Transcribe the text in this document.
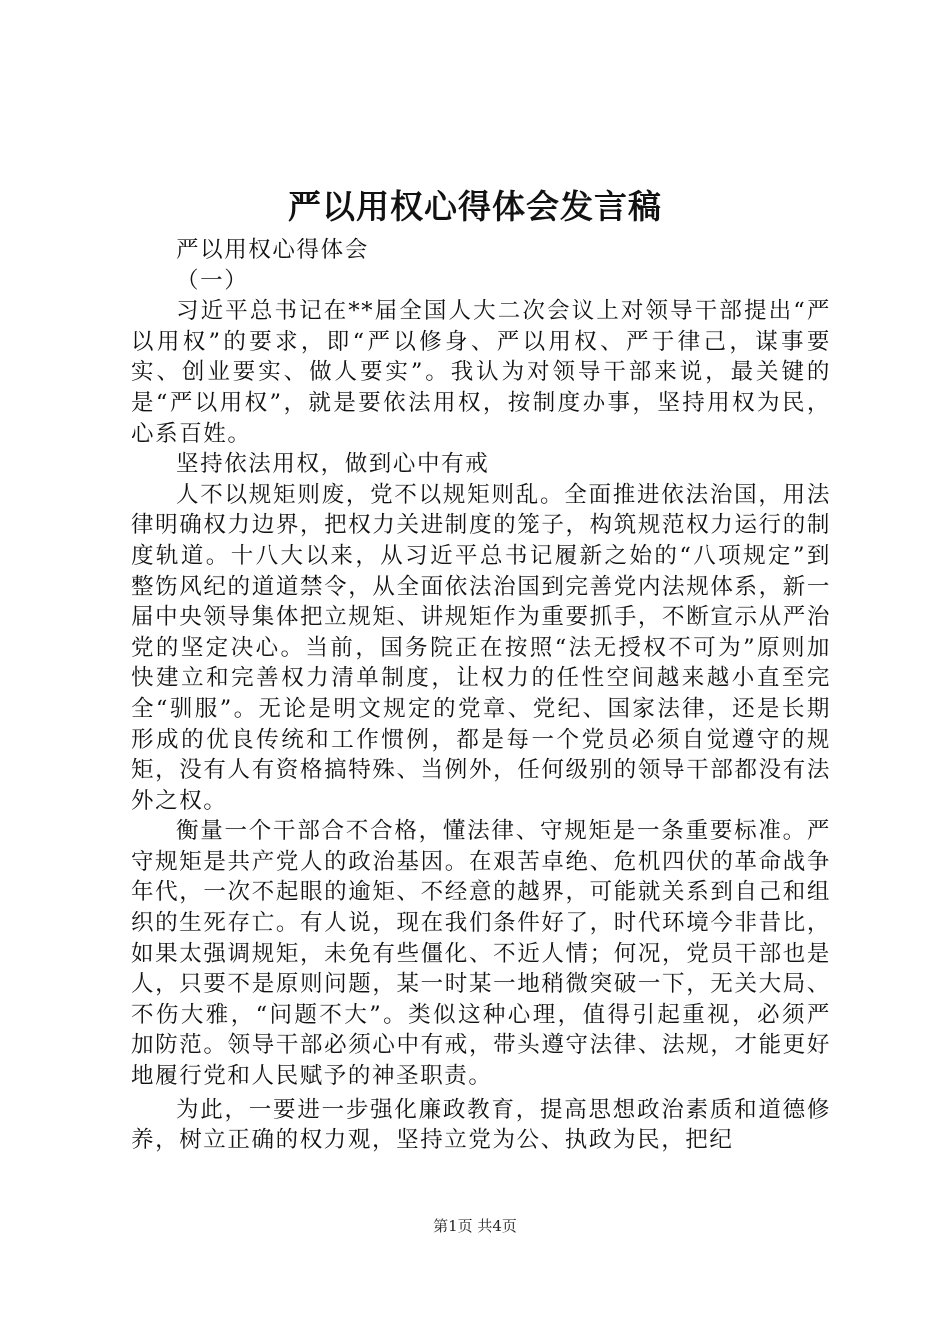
严以用权心得体会发言稿

严以用权心得体会

（一）

习近平总书记在**届全国人大二次会议上对领导干部提出“严以用权”的要求，即“严以修身、严以用权、严于律己，谋事要实、创业要实、做人要实”。我认为对领导干部来说，最关键的是“严以用权”，就是要依法用权，按制度办事，坚持用权为民，心系百姓。

坚持依法用权，做到心中有戒

人不以规矩则废，党不以规矩则乱。全面推进依法治国，用法律明确权力边界，把权力关进制度的笼子，构筑规范权力运行的制度轨道。十八大以来，从习近平总书记履新之始的“八项规定”到整饬风纪的道道禁令，从全面依法治国到完善党内法规体系，新一届中央领导集体把立规矩、讲规矩作为重要抓手，不断宣示从严治党的坚定决心。当前，国务院正在按照“法无授权不可为”原则加快建立和完善权力清单制度，让权力的任性空间越来越小直至完全“驯服”。无论是明文规定的党章、党纪、国家法律，还是长期形成的优良传统和工作惯例，都是每一个党员必须自觉遵守的规矩，没有人有资格搞特殊、当例外，任何级别的领导干部都没有法外之权。

衡量一个干部合不合格，懂法律、守规矩是一条重要标准。严守规矩是共产党人的政治基因。在艰苦卓绝、危机四伏的革命战争年代，一次不起眼的逾矩、不经意的越界，可能就关系到自己和组织的生死存亡。有人说，现在我们条件好了，时代环境今非昔比，如果太强调规矩，未免有些僵化、不近人情；何况，党员干部也是人，只要不是原则问题，某一时某一地稍微突破一下，无关大局、不伤大雅，“问题不大”。类似这种心理，值得引起重视，必须严加防范。领导干部必须心中有戒，带头遵守法律、法规，才能更好地履行党和人民赋予的神圣职责。

为此，一要进一步强化廉政教育，提高思想政治素质和道德修养，树立正确的权力观，坚持立党为公、执政为民，把纪

第1页 共4页
